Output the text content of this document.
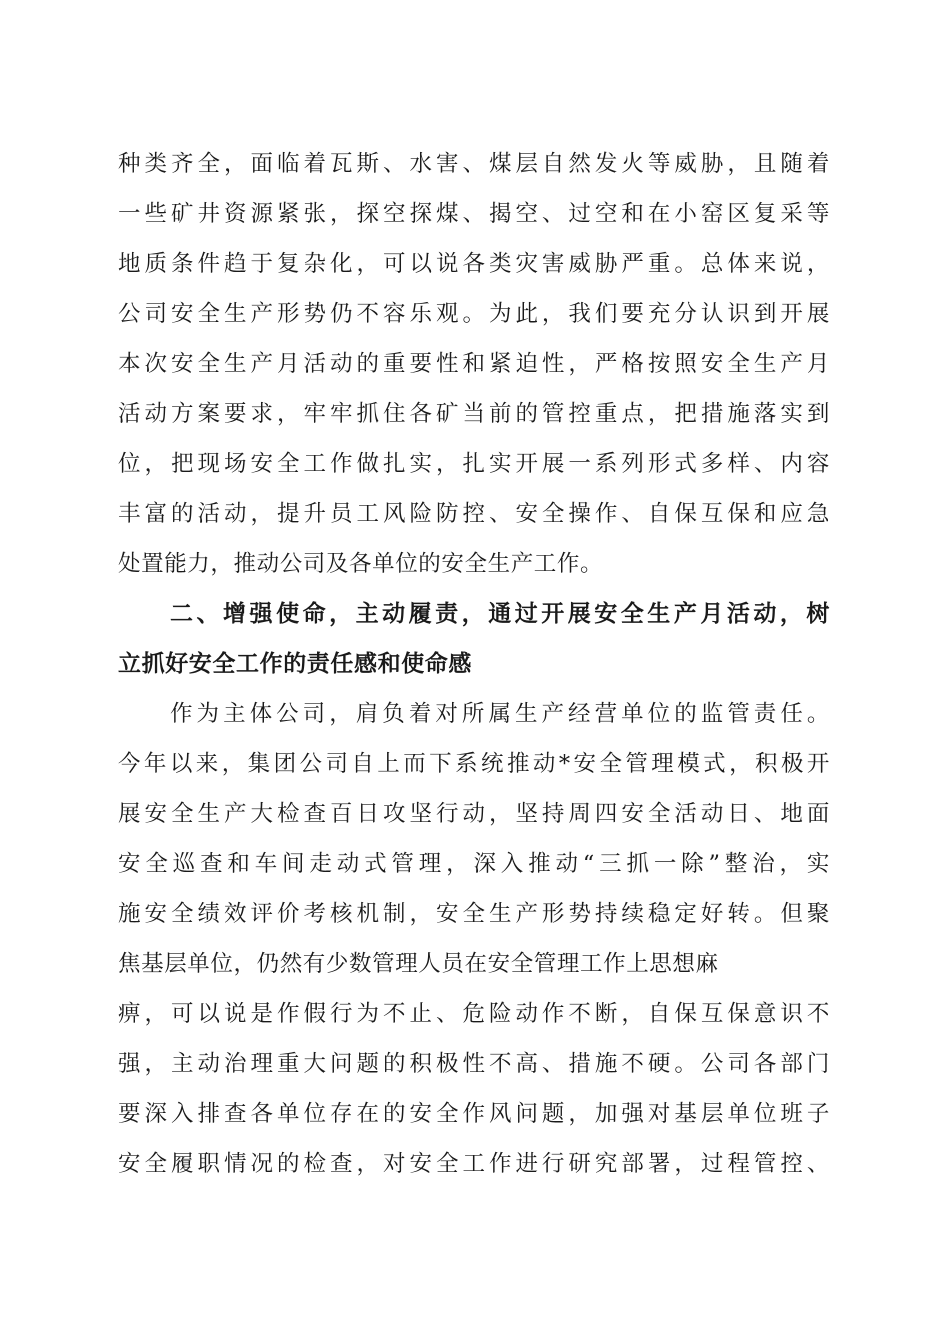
种类齐全，面临着瓦斯、水害、煤层自然发火等威胁，且随着
一些矿井资源紧张，探空探煤、揭空、过空和在小窑区复采等
地质条件趋于复杂化，可以说各类灾害威胁严重。总体来说，
公司安全生产形势仍不容乐观。为此，我们要充分认识到开展
本次安全生产月活动的重要性和紧迫性，严格按照安全生产月
活动方案要求，牢牢抓住各矿当前的管控重点，把措施落实到
位，把现场安全工作做扎实，扎实开展一系列形式多样、内容
丰富的活动，提升员工风险防控、安全操作、自保互保和应急
处置能力，推动公司及各单位的安全生产工作。
二、增强使命，主动履责，通过开展安全生产月活动，树
立抓好安全工作的责任感和使命感
作为主体公司，肩负着对所属生产经营单位的监管责任。
今年以来，集团公司自上而下系统推动*安全管理模式，积极开
展安全生产大检查百日攻坚行动，坚持周四安全活动日、地面
安全巡查和车间走动式管理，深入推动“三抓一除”整治，实
施安全绩效评价考核机制，安全生产形势持续稳定好转。但聚
焦基层单位，仍然有少数管理人员在安全管理工作上思想麻
痹，可以说是作假行为不止、危险动作不断，自保互保意识不
强，主动治理重大问题的积极性不高、措施不硬。公司各部门
要深入排查各单位存在的安全作风问题，加强对基层单位班子
安全履职情况的检查，对安全工作进行研究部署，过程管控、
